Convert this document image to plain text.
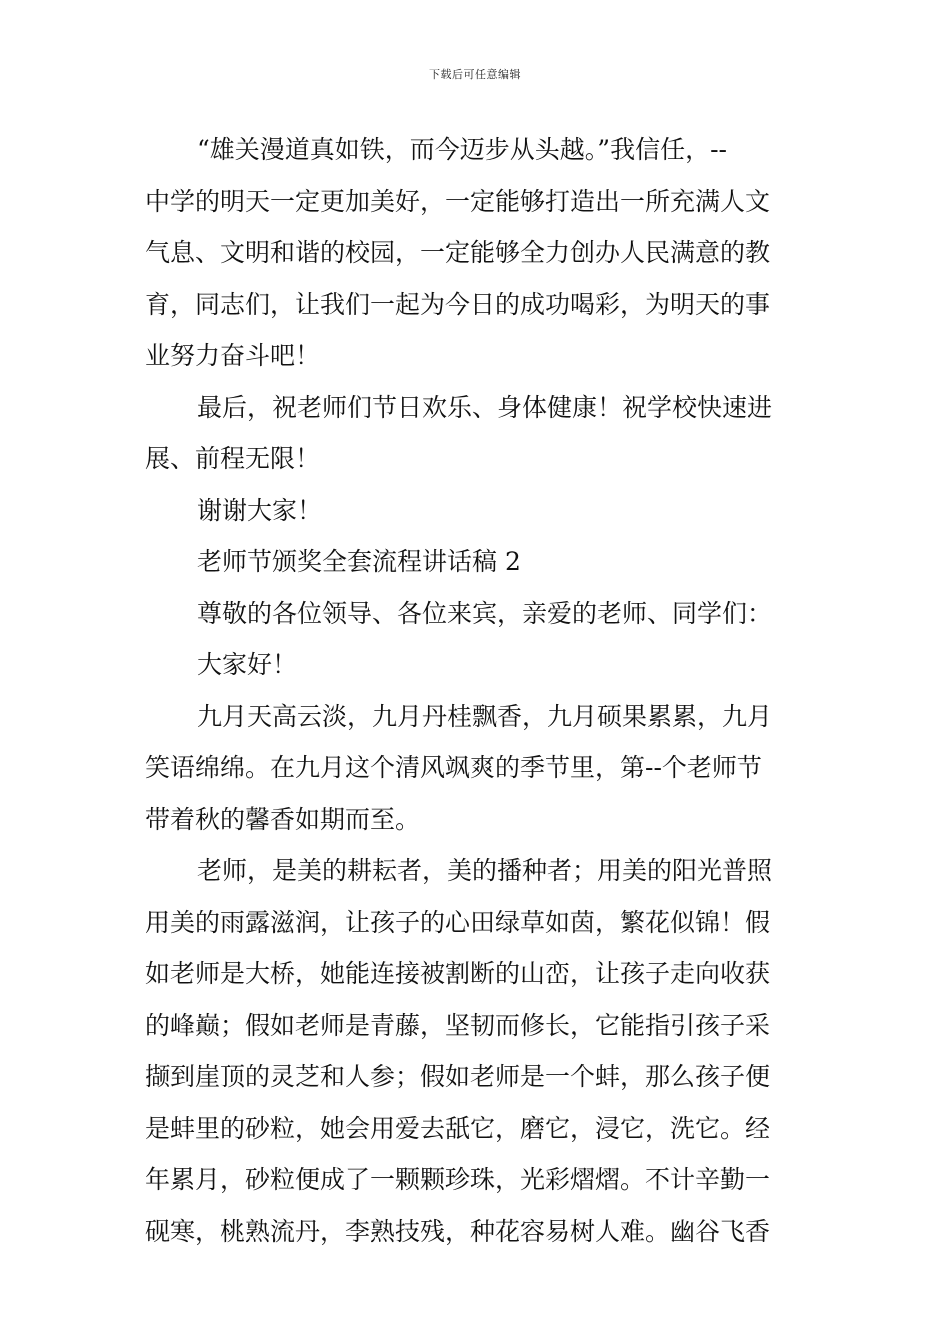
下载后可任意编辑
“雄关漫道真如铁，而今迈步从头越。”我信任，--
中学的明天一定更加美好，一定能够打造出一所充满人文
气息、文明和谐的校园，一定能够全力创办人民满意的教
育，同志们，让我们一起为今日的成功喝彩，为明天的事
业努力奋斗吧！
最后，祝老师们节日欢乐、身体健康！祝学校快速进
展、前程无限！
谢谢大家！
老师节颁奖全套流程讲话稿 2
尊敬的各位领导、各位来宾，亲爱的老师、同学们：
大家好！
九月天高云淡，九月丹桂飘香，九月硕果累累，九月
笑语绵绵。在九月这个清风飒爽的季节里，第--个老师节
带着秋的馨香如期而至。
老师，是美的耕耘者，美的播种者；用美的阳光普照
用美的雨露滋润，让孩子的心田绿草如茵，繁花似锦！假
如老师是大桥，她能连接被割断的山峦，让孩子走向收获
的峰巅；假如老师是青藤，坚韧而修长，它能指引孩子采
撷到崖顶的灵芝和人参；假如老师是一个蚌，那么孩子便
是蚌里的砂粒，她会用爱去舐它，磨它，浸它，洗它。经
年累月，砂粒便成了一颗颗珍珠，光彩熠熠。不计辛勤一
砚寒，桃熟流丹，李熟技残，种花容易树人难。幽谷飞香
